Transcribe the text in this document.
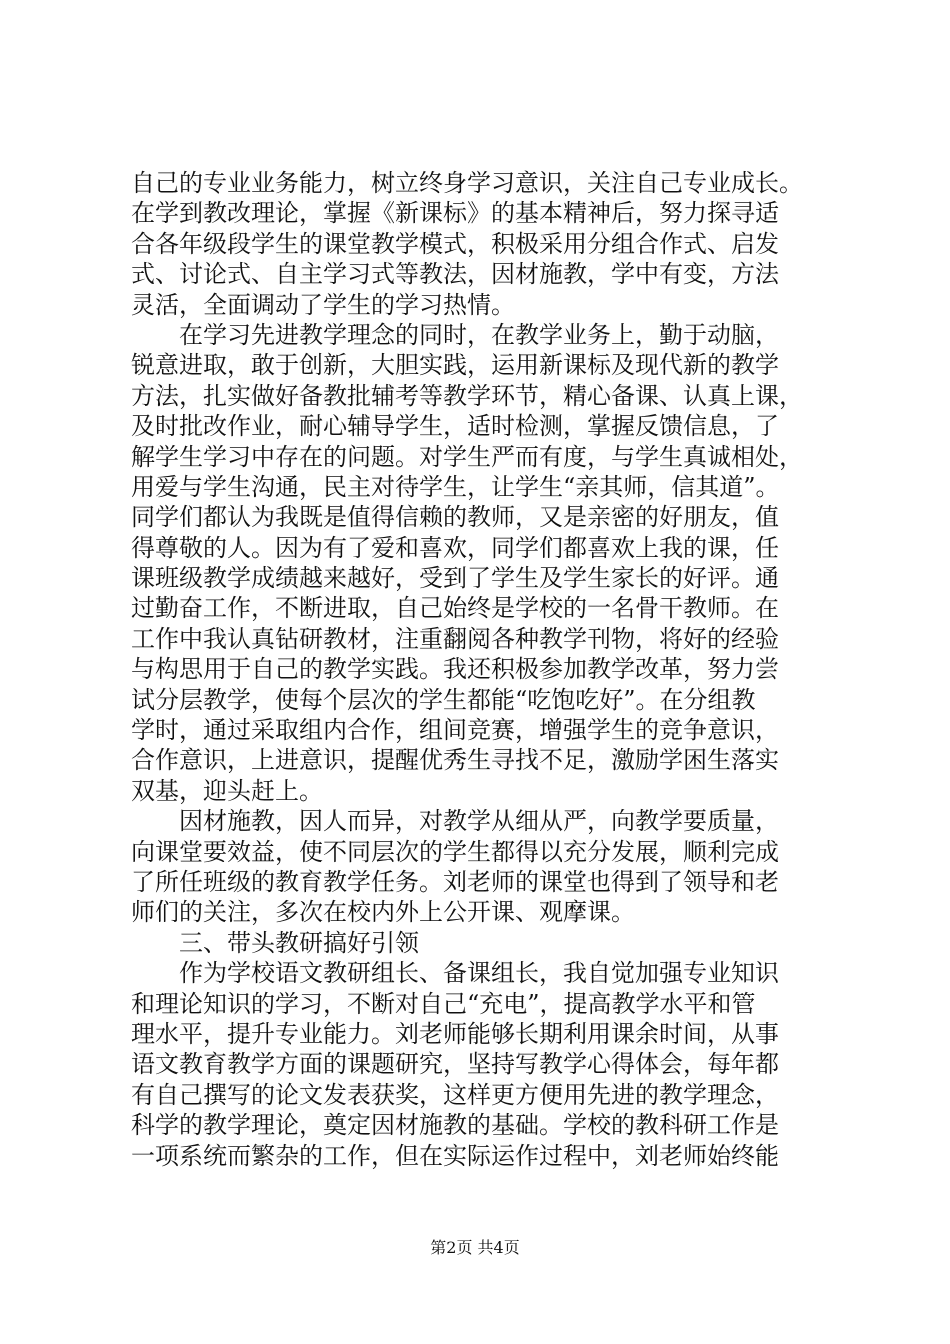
自己的专业业务能力，树立终身学习意识，关注自己专业成长。
在学到教改理论，掌握《新课标》的基本精神后，努力探寻适
合各年级段学生的课堂教学模式，积极采用分组合作式、启发
式、讨论式、自主学习式等教法，因材施教，学中有变，方法
灵活，全面调动了学生的学习热情。
　　在学习先进教学理念的同时，在教学业务上，勤于动脑，
锐意进取，敢于创新，大胆实践，运用新课标及现代新的教学
方法，扎实做好备教批辅考等教学环节，精心备课、认真上课，
及时批改作业，耐心辅导学生，适时检测，掌握反馈信息，了
解学生学习中存在的问题。对学生严而有度，与学生真诚相处，
用爱与学生沟通，民主对待学生，让学生“亲其师，信其道”。
同学们都认为我既是值得信赖的教师，又是亲密的好朋友，值
得尊敬的人。因为有了爱和喜欢，同学们都喜欢上我的课，任
课班级教学成绩越来越好，受到了学生及学生家长的好评。通
过勤奋工作，不断进取，自己始终是学校的一名骨干教师。在
工作中我认真钻研教材，注重翻阅各种教学刊物，将好的经验
与构思用于自己的教学实践。我还积极参加教学改革，努力尝
试分层教学，使每个层次的学生都能“吃饱吃好”。在分组教
学时，通过采取组内合作，组间竞赛，增强学生的竞争意识，
合作意识，上进意识，提醒优秀生寻找不足，激励学困生落实
双基，迎头赶上。
　　因材施教，因人而异，对教学从细从严，向教学要质量，
向课堂要效益，使不同层次的学生都得以充分发展，顺利完成
了所任班级的教育教学任务。刘老师的课堂也得到了领导和老
师们的关注，多次在校内外上公开课、观摩课。
　　三、带头教研搞好引领
　　作为学校语文教研组长、备课组长，我自觉加强专业知识
和理论知识的学习，不断对自己“充电”，提高教学水平和管
理水平，提升专业能力。刘老师能够长期利用课余时间，从事
语文教育教学方面的课题研究，坚持写教学心得体会，每年都
有自己撰写的论文发表获奖，这样更方便用先进的教学理念，
科学的教学理论，奠定因材施教的基础。学校的教科研工作是
一项系统而繁杂的工作，但在实际运作过程中，刘老师始终能
第2页 共4页
